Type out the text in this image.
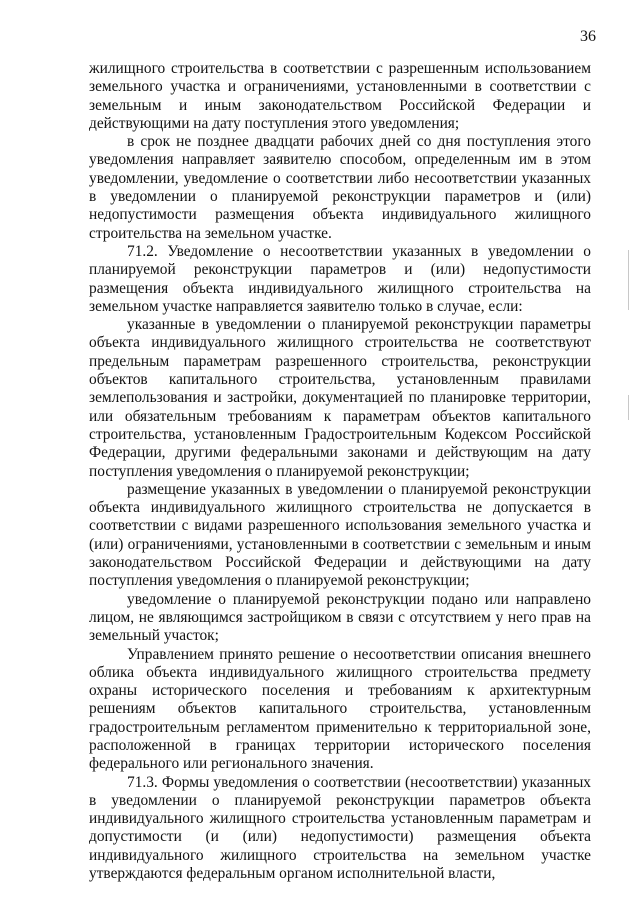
36

жилищного строительства в соответствии с разрешенным использованием земельного участка и ограничениями, установленными в соответствии с земельным и иным законодательством Российской Федерации и действующими на дату поступления этого уведомления;

в срок не позднее двадцати рабочих дней со дня поступления этого уведомления направляет заявителю способом, определенным им в этом уведомлении, уведомление о соответствии либо несоответствии указанных в уведомлении о планируемой реконструкции параметров и (или) недопустимости размещения объекта индивидуального жилищного строительства на земельном участке.

71.2. Уведомление о несоответствии указанных в уведомлении о планируемой реконструкции параметров и (или) недопустимости размещения объекта индивидуального жилищного строительства на земельном участке направляется заявителю только в случае, если:

указанные в уведомлении о планируемой реконструкции параметры объекта индивидуального жилищного строительства не соответствуют предельным параметрам разрешенного строительства, реконструкции объектов капитального строительства, установленным правилами землепользования и застройки, документацией по планировке территории, или обязательным требованиям к параметрам объектов капитального строительства, установленным Градостроительным Кодексом Российской Федерации, другими федеральными законами и действующим на дату поступления уведомления о планируемой реконструкции;

размещение указанных в уведомлении о планируемой реконструкции объекта индивидуального жилищного строительства не допускается в соответствии с видами разрешенного использования земельного участка и (или) ограничениями, установленными в соответствии с земельным и иным законодательством Российской Федерации и действующими на дату поступления уведомления о планируемой реконструкции;

уведомление о планируемой реконструкции подано или направлено лицом, не являющимся застройщиком в связи с отсутствием у него прав на земельный участок;

Управлением принято решение о несоответствии описания внешнего облика объекта индивидуального жилищного строительства предмету охраны исторического поселения и требованиям к архитектурным решениям объектов капитального строительства, установленным градостроительным регламентом применительно к территориальной зоне, расположенной в границах территории исторического поселения федерального или регионального значения.

71.3. Формы уведомления о соответствии (несоответствии) указанных в уведомлении о планируемой реконструкции параметров объекта индивидуального жилищного строительства установленным параметрам и допустимости (и (или) недопустимости) размещения объекта индивидуального жилищного строительства на земельном участке утверждаются федеральным органом исполнительной власти,
